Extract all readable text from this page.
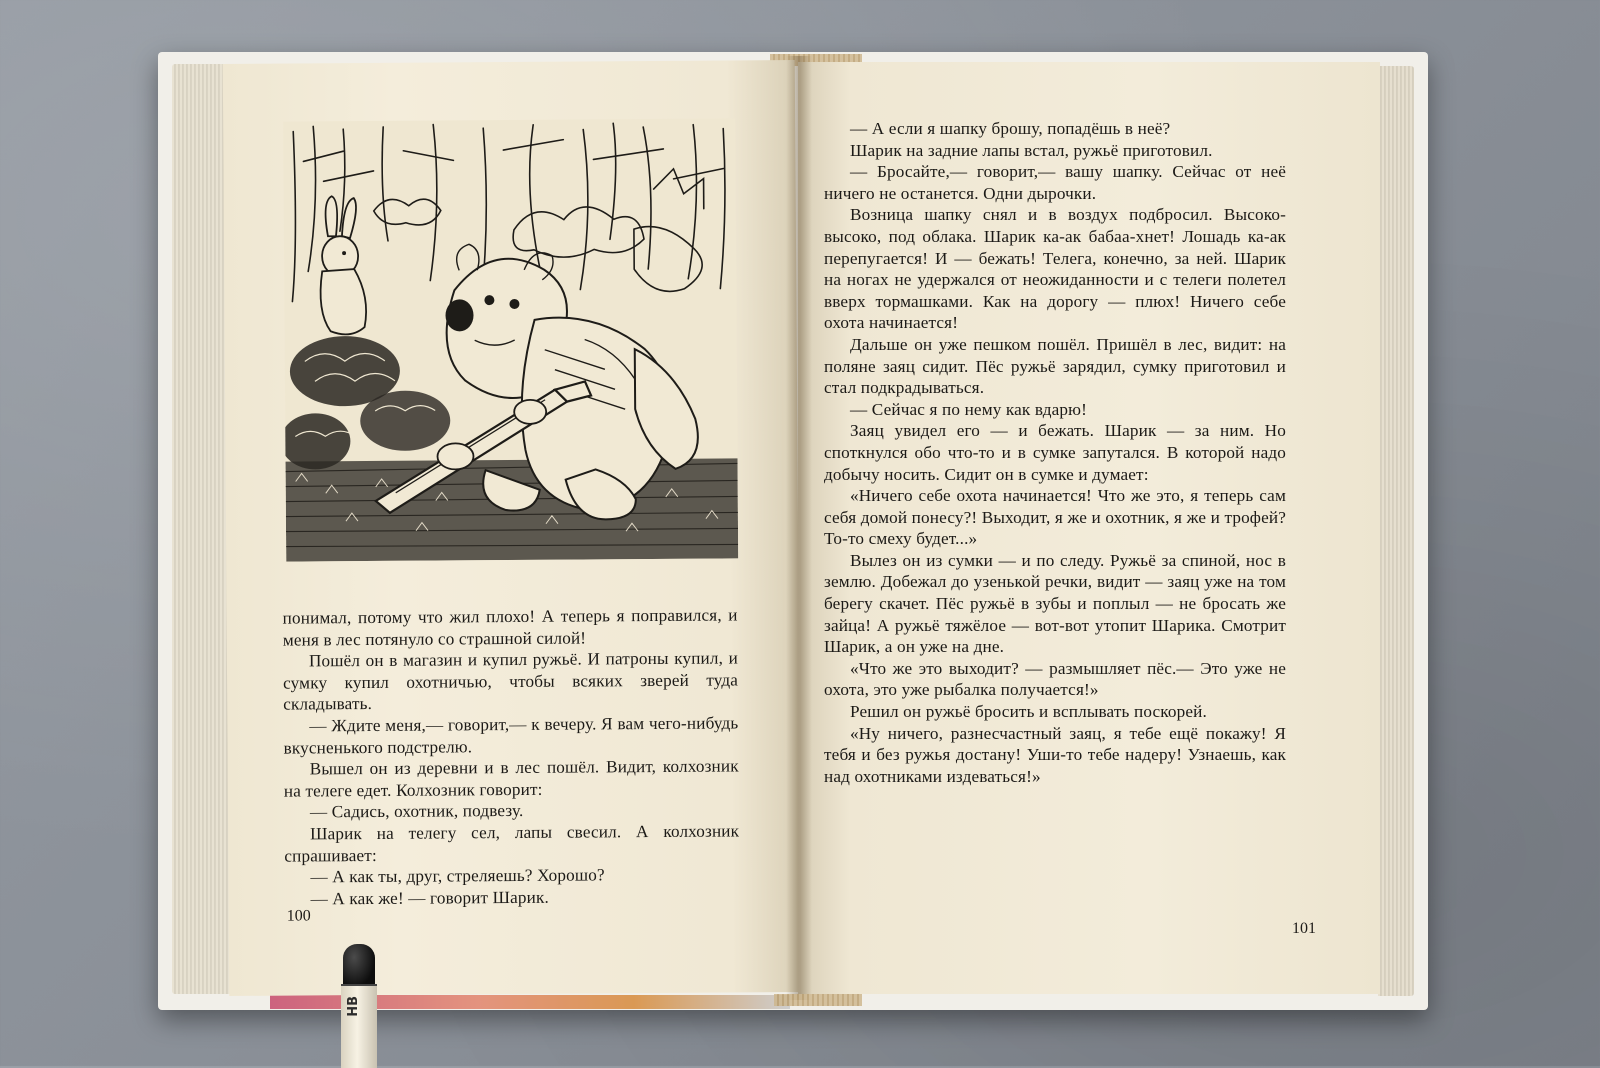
понимал, потому что жил плохо! А теперь я поправился, и меня в лес потянуло со страшной силой!

Пошёл он в магазин и купил ружьё. И патроны купил, и сумку купил охотничью, чтобы всяких зверей туда складывать.

— Ждите меня,— говорит,— к вечеру. Я вам чего-нибудь вкусненького подстрелю.

Вышел он из деревни и в лес пошёл. Видит, колхозник на телеге едет. Колхозник говорит:

— Садись, охотник, подвезу.

Шарик на телегу сел, лапы свесил. А колхозник спрашивает:

— А как ты, друг, стреляешь? Хорошо?

— А как же! — говорит Шарик.

100

— А если я шапку брошу, попадёшь в неё?

Шарик на задние лапы встал, ружьё приготовил.

— Бросайте,— говорит,— вашу шапку. Сейчас от неё ничего не останется. Одни дырочки.

Возница шапку снял и в воздух подбросил. Высоко-высоко, под облака. Шарик ка-ак бабаа-хнет! Лошадь ка-ак перепугается! И — бежать! Телега, конечно, за ней. Шарик на ногах не удержался от неожиданности и с телеги полетел вверх тормашками. Как на дорогу — плюх! Ничего себе охота начинается!

Дальше он уже пешком пошёл. Пришёл в лес, видит: на поляне заяц сидит. Пёс ружьё зарядил, сумку приготовил и стал подкрадываться.

— Сейчас я по нему как вдарю!

Заяц увидел его — и бежать. Шарик — за ним. Но споткнулся обо что-то и в сумке запутался. В которой надо добычу носить. Сидит он в сумке и думает:

«Ничего себе охота начинается! Что же это, я теперь сам себя домой понесу?! Выходит, я же и охотник, я же и трофей? То-то смеху будет...»

Вылез он из сумки — и по следу. Ружьё за спиной, нос в землю. Добежал до узенькой речки, видит — заяц уже на том берегу скачет. Пёс ружьё в зубы и поплыл — не бросать же зайца! А ружьё тяжёлое — вот-вот утопит Шарика. Смотрит Шарик, а он уже на дне.

«Что же это выходит? — размышляет пёс.— Это уже не охота, это уже рыбалка получается!»

Решил он ружьё бросить и всплывать поскорей.

«Ну ничего, разнесчастный заяц, я тебе ещё покажу! Я тебя и без ружья достану! Уши-то тебе надеру! Узнаешь, как над охотниками издеваться!»

101
НВ
